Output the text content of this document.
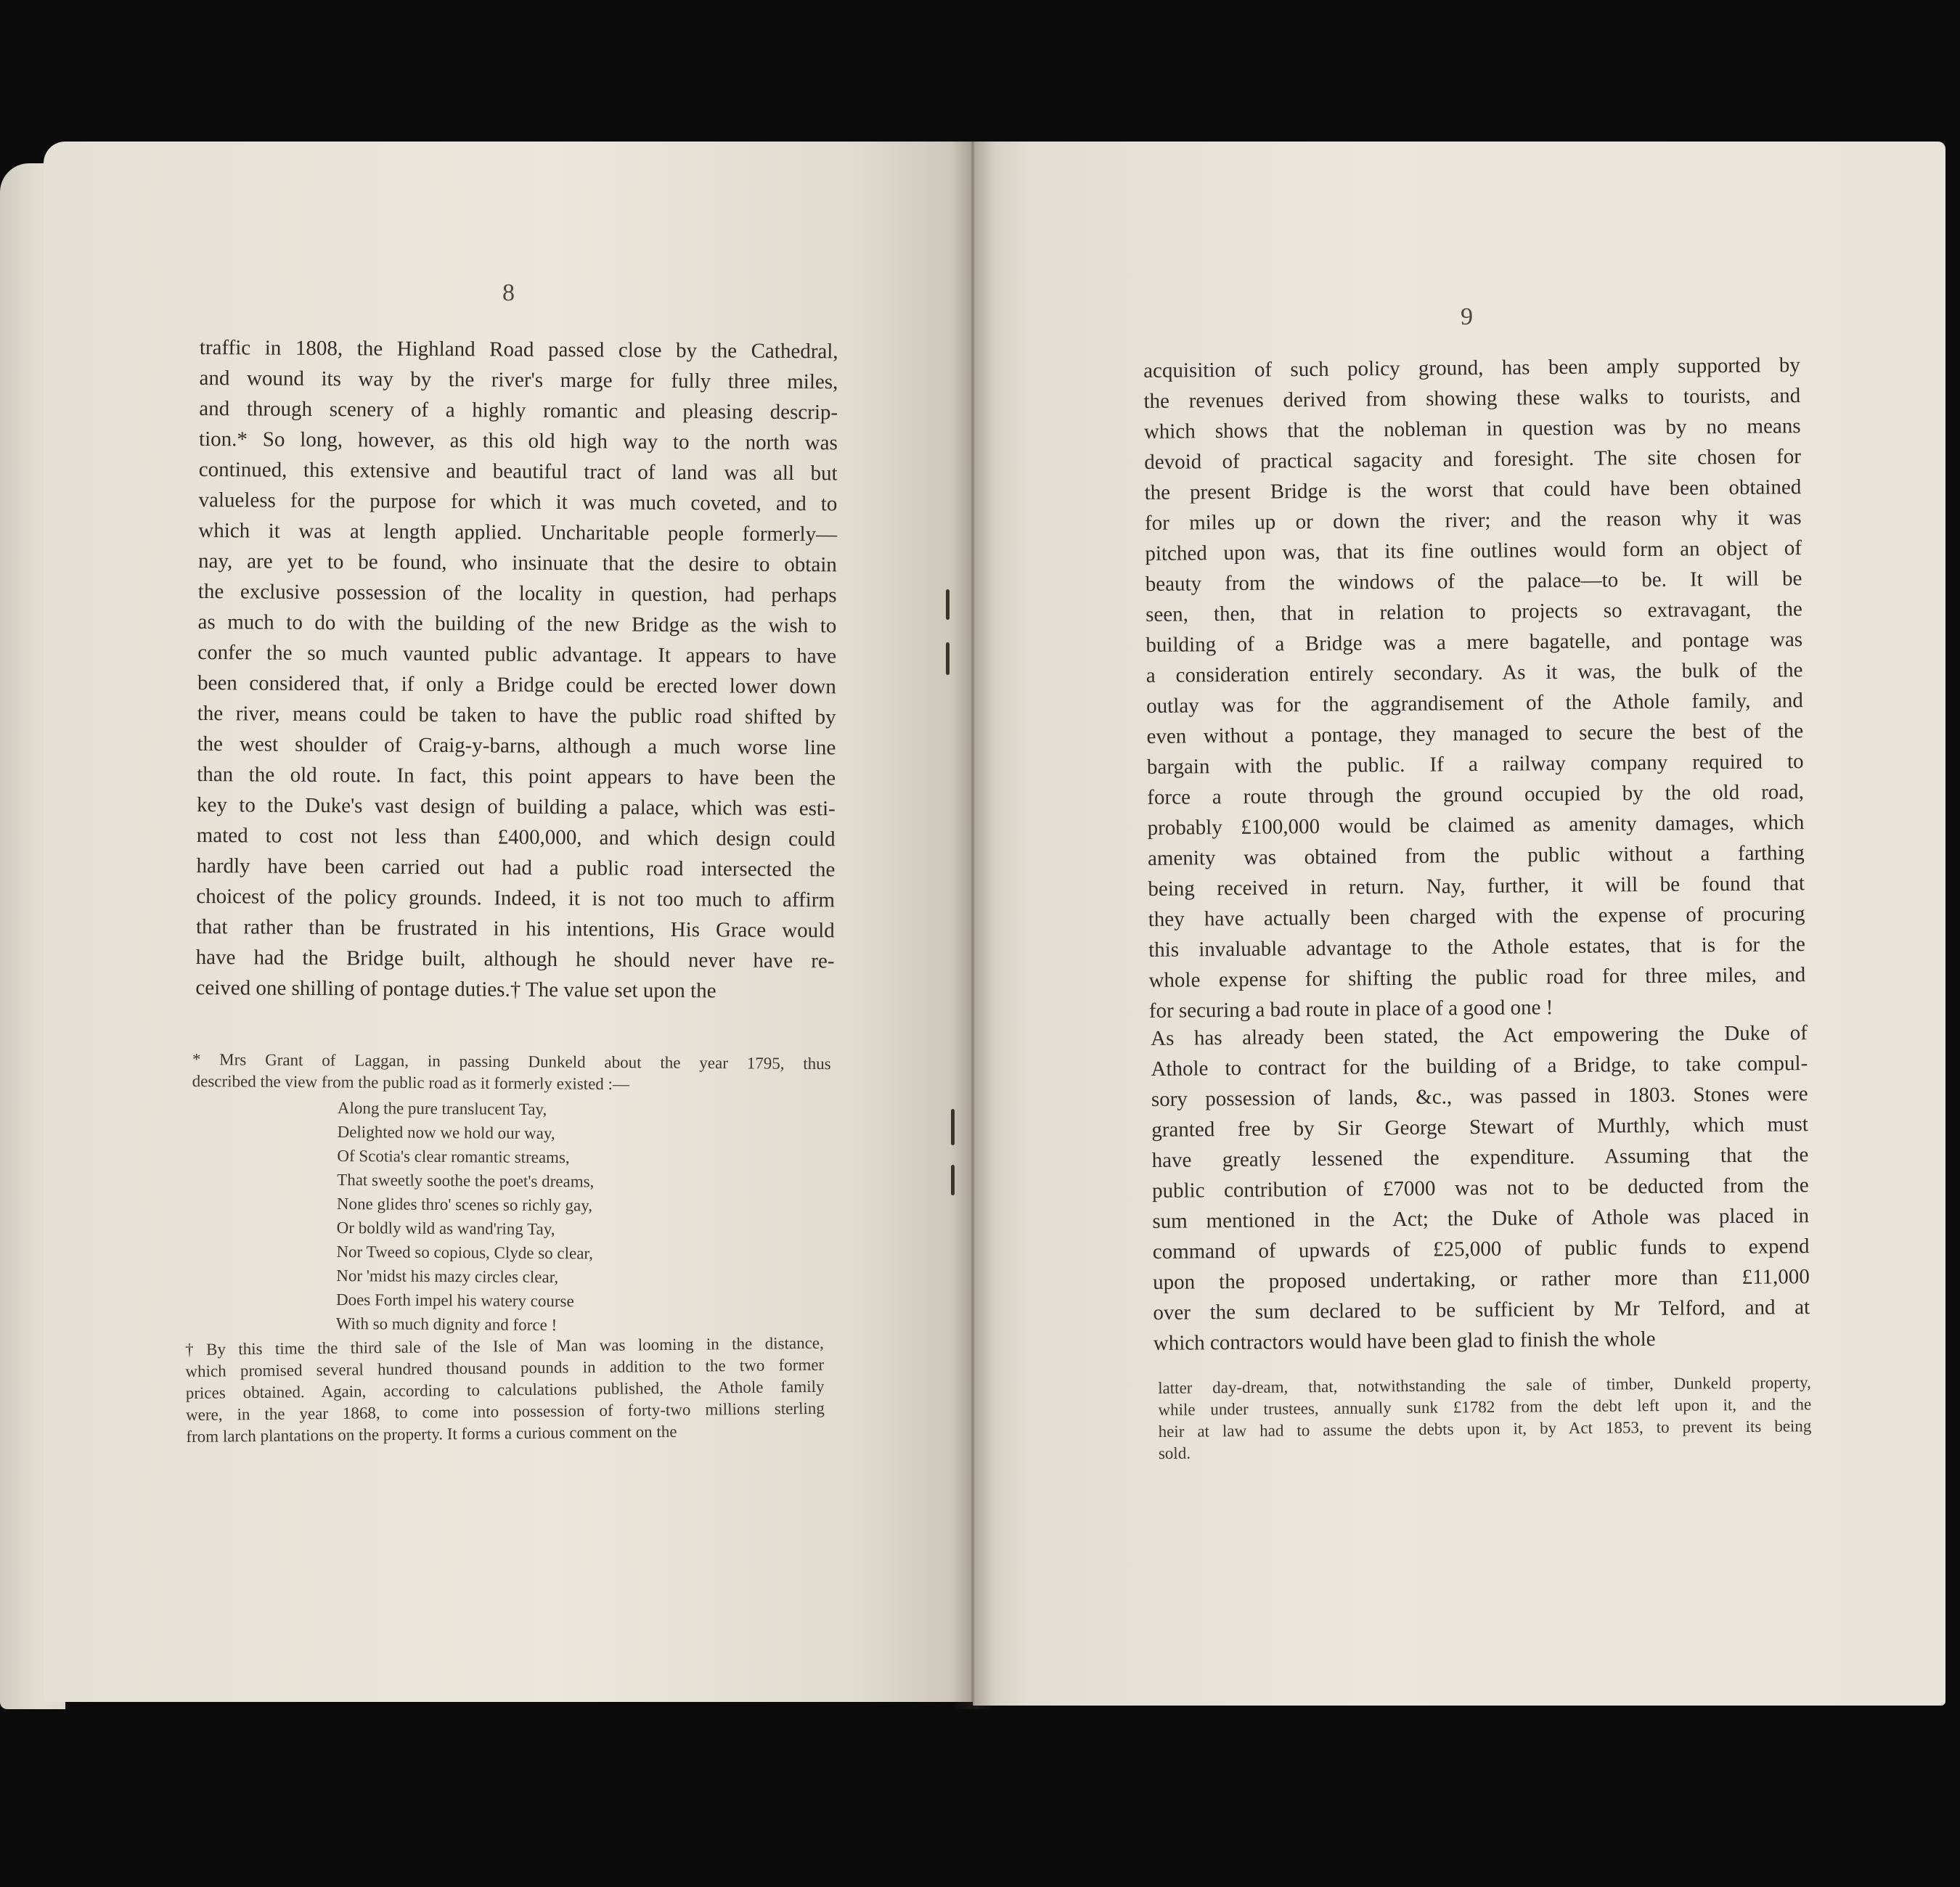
8
traffic in 1808, the Highland Road passed close by the Cathedral,
and wound its way by the river's marge for fully three miles,
and through scenery of a highly romantic and pleasing descrip-
tion.* So long, however, as this old high way to the north was
continued, this extensive and beautiful tract of land was all but
valueless for the purpose for which it was much coveted, and to
which it was at length applied. Uncharitable people formerly—
nay, are yet to be found, who insinuate that the desire to obtain
the exclusive possession of the locality in question, had perhaps
as much to do with the building of the new Bridge as the wish to
confer the so much vaunted public advantage. It appears to have
been considered that, if only a Bridge could be erected lower down
the river, means could be taken to have the public road shifted by
the west shoulder of Craig-y-barns, although a much worse line
than the old route. In fact, this point appears to have been the
key to the Duke's vast design of building a palace, which was esti-
mated to cost not less than £400,000, and which design could
hardly have been carried out had a public road intersected the
choicest of the policy grounds. Indeed, it is not too much to affirm
that rather than be frustrated in his intentions, His Grace would
have had the Bridge built, although he should never have re-
ceived one shilling of pontage duties.† The value set upon the
* Mrs Grant of Laggan, in passing Dunkeld about the year 1795, thus
described the view from the public road as it formerly existed :—
Along the pure translucent Tay,
Delighted now we hold our way,
Of Scotia's clear romantic streams,
That sweetly soothe the poet's dreams,
None glides thro' scenes so richly gay,
Or boldly wild as wand'ring Tay,
Nor Tweed so copious, Clyde so clear,
Nor 'midst his mazy circles clear,
Does Forth impel his watery course
With so much dignity and force !
† By this time the third sale of the Isle of Man was looming in the distance,
which promised several hundred thousand pounds in addition to the two former
prices obtained. Again, according to calculations published, the Athole family
were, in the year 1868, to come into possession of forty-two millions sterling
from larch plantations on the property. It forms a curious comment on the
9
acquisition of such policy ground, has been amply supported by
the revenues derived from showing these walks to tourists, and
which shows that the nobleman in question was by no means
devoid of practical sagacity and foresight. The site chosen for
the present Bridge is the worst that could have been obtained
for miles up or down the river; and the reason why it was
pitched upon was, that its fine outlines would form an object of
beauty from the windows of the palace—to be. It will be
seen, then, that in relation to projects so extravagant, the
building of a Bridge was a mere bagatelle, and pontage was
a consideration entirely secondary. As it was, the bulk of the
outlay was for the aggrandisement of the Athole family, and
even without a pontage, they managed to secure the best of the
bargain with the public. If a railway company required to
force a route through the ground occupied by the old road,
probably £100,000 would be claimed as amenity damages, which
amenity was obtained from the public without a farthing
being received in return. Nay, further, it will be found that
they have actually been charged with the expense of procuring
this invaluable advantage to the Athole estates, that is for the
whole expense for shifting the public road for three miles, and
for securing a bad route in place of a good one !
As has already been stated, the Act empowering the Duke of
Athole to contract for the building of a Bridge, to take compul-
sory possession of lands, &c., was passed in 1803. Stones were
granted free by Sir George Stewart of Murthly, which must
have greatly lessened the expenditure. Assuming that the
public contribution of £7000 was not to be deducted from the
sum mentioned in the Act; the Duke of Athole was placed in
command of upwards of £25,000 of public funds to expend
upon the proposed undertaking, or rather more than £11,000
over the sum declared to be sufficient by Mr Telford, and at
which contractors would have been glad to finish the whole
latter day-dream, that, notwithstanding the sale of timber, Dunkeld property,
while under trustees, annually sunk £1782 from the debt left upon it, and the
heir at law had to assume the debts upon it, by Act 1853, to prevent its being
sold.
